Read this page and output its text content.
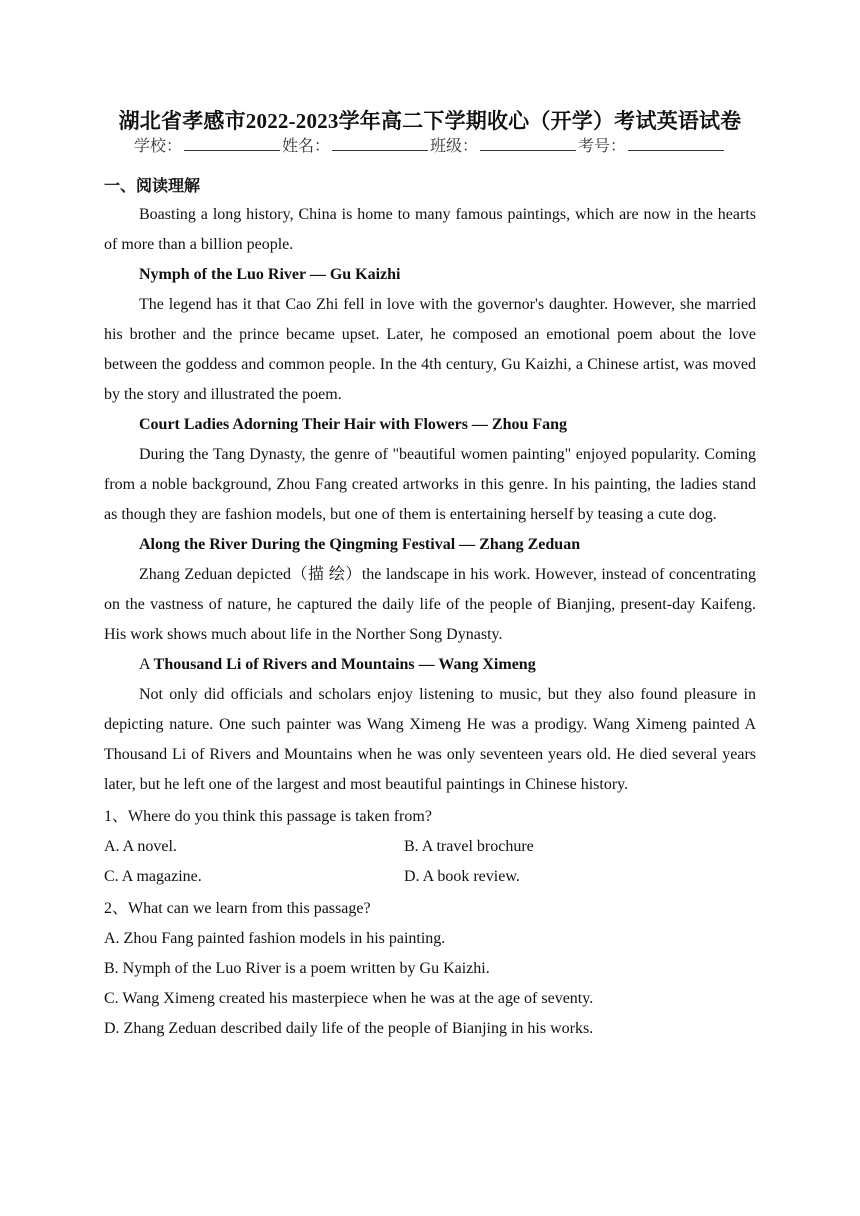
湖北省孝感市2022-2023学年高二下学期收心（开学）考试英语试卷
学校：	姓名：	班级：	考号：
一、阅读理解

Boasting a long history, China is home to many famous paintings, which are now in the hearts of more than a billion people.

Nymph of the Luo River — Gu Kaizhi

The legend has it that Cao Zhi fell in love with the governor's daughter. However, she married his brother and the prince became upset. Later, he composed an emotional poem about the love between the goddess and common people. In the 4th century, Gu Kaizhi, a Chinese artist, was moved by the story and illustrated the poem.

Court Ladies Adorning Their Hair with Flowers — Zhou Fang

During the Tang Dynasty, the genre of "beautiful women painting" enjoyed popularity. Coming from a noble background, Zhou Fang created artworks in this genre. In his painting, the ladies stand as though they are fashion models, but one of them is entertaining herself by teasing a cute dog.

Along the River During the Qingming Festival — Zhang Zeduan

Zhang Zeduan depicted（描 绘）the landscape in his work. However, instead of concentrating on the vastness of nature, he captured the daily life of the people of Bianjing, present-day Kaifeng. His work shows much about life in the Norther Song Dynasty.

A Thousand Li of Rivers and Mountains — Wang Ximeng

Not only did officials and scholars enjoy listening to music, but they also found pleasure in depicting nature. One such painter was Wang Ximeng He was a prodigy. Wang Ximeng painted A Thousand Li of Rivers and Mountains when he was only seventeen years old. He died several years later, but he left one of the largest and most beautiful paintings in Chinese history.

1、Where do you think this passage is taken from?
A. A novel.	B. A travel brochure
C. A magazine.	D. A book review.
2、What can we learn from this passage?
A. Zhou Fang painted fashion models in his painting.
B. Nymph of the Luo River is a poem written by Gu Kaizhi.
C. Wang Ximeng created his masterpiece when he was at the age of seventy.
D. Zhang Zeduan described daily life of the people of Bianjing in his works.
